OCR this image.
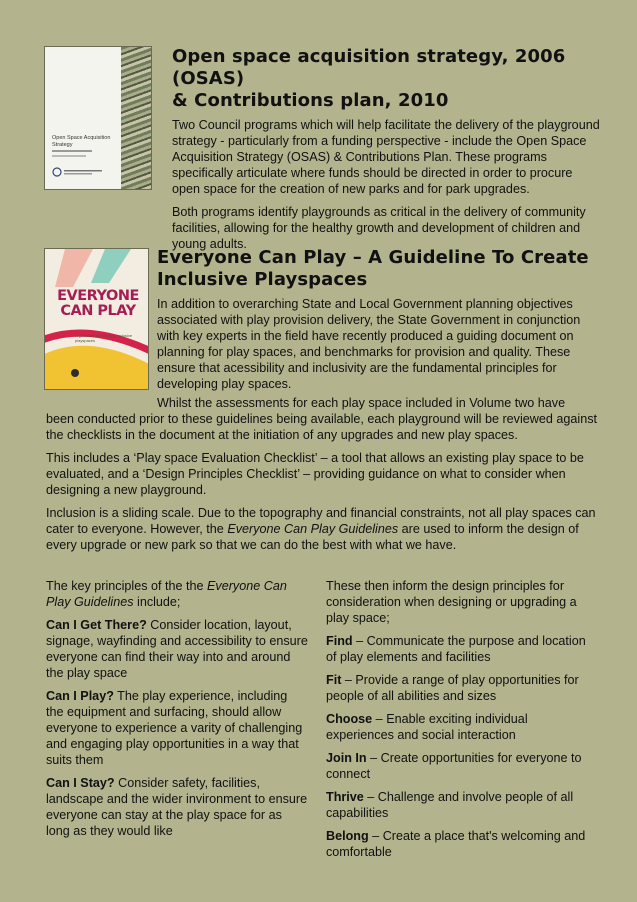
Open Space Acquisition Strategy
Open space acquisition strategy, 2006 (OSAS)
& Contributions plan, 2010

Two Council programs which will help facilitate the delivery of the playground strategy - particularly from a funding perspective - include the Open Space Acquisition Strategy (OSAS) & Contributions Plan. These programs specifically articulate where funds should be directed in order to procure open space for the creation of new parks and for park upgrades.

Both programs identify playgrounds as critical in the delivery of community facilities, allowing for the healthy growth and development of children and young adults.

EVERYONE
CAN PLAY
A guideline for creating inclusive playspaces
Everyone Can Play – A Guideline To Create
Inclusive Playspaces

In addition to overarching State and Local Government planning objectives associated with play provision delivery, the State Government in conjunction with key experts in the field have recently produced a guiding document on planning for play spaces, and benchmarks for provision and quality. These ensure that acessibility and inclusivity are the fundamental principles for developing play spaces.

Whilst the assessments for each play space included in Volume two have
been conducted prior to these guidelines being available, each playground will be reviewed against the checklists in the document at the initiation of any upgrades and new play spaces.

This includes a ‘Play space Evaluation Checklist’ – a tool that allows an existing play space to be evaluated, and a ‘Design Principles Checklist’ – providing guidance on what to consider when designing a new playground.

Inclusion is a sliding scale. Due to the topography and financial constraints, not all play spaces can cater to everyone. However, the Everyone Can Play Guidelines are used to inform the design of every upgrade or new park so that we can do the best with what we have.

The key principles of the the Everyone Can Play Guidelines include;

Can I Get There? Consider location, layout, signage, wayfinding and accessibility to ensure everyone can find their way into and around the play space

Can I Play? The play experience, including the equipment and surfacing, should allow everyone to experience a varity of challenging and engaging play opportunities in a way that suits them

Can I Stay? Consider safety, facilities, landscape and the wider invironment to ensure everyone can stay at the play space for as long as they would like

These then inform the design principles for consideration when designing or upgrading a play space;

Find – Communicate the purpose and location of play elements and facilities

Fit – Provide a range of play opportunities for people of all abilities and sizes

Choose – Enable exciting individual experiences and social interaction

Join In – Create opportunities for everyone to connect

Thrive – Challenge and involve people of all capabilities

Belong – Create a place that's welcoming and comfortable
